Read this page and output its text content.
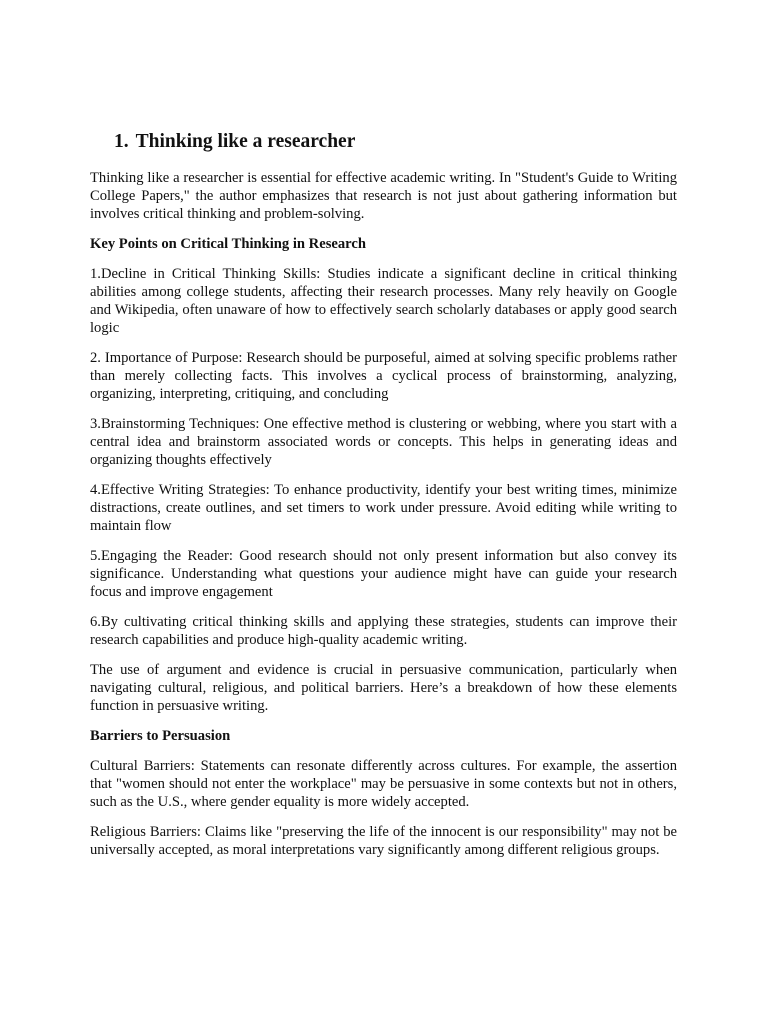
1. Thinking like a researcher

Thinking like a researcher is essential for effective academic writing. In "Student's Guide to Writing College Papers," the author emphasizes that research is not just about gathering information but involves critical thinking and problem-solving.

Key Points on Critical Thinking in Research

1.Decline in Critical Thinking Skills: Studies indicate a significant decline in critical thinking abilities among college students, affecting their research processes. Many rely heavily on Google and Wikipedia, often unaware of how to effectively search scholarly databases or apply good search logic

2. Importance of Purpose: Research should be purposeful, aimed at solving specific problems rather than merely collecting facts. This involves a cyclical process of brainstorming, analyzing, organizing, interpreting, critiquing, and concluding

3.Brainstorming Techniques: One effective method is clustering or webbing, where you start with a central idea and brainstorm associated words or concepts. This helps in generating ideas and organizing thoughts effectively

4.Effective Writing Strategies: To enhance productivity, identify your best writing times, minimize distractions, create outlines, and set timers to work under pressure. Avoid editing while writing to maintain flow

5.Engaging the Reader: Good research should not only present information but also convey its significance. Understanding what questions your audience might have can guide your research focus and improve engagement

6.By cultivating critical thinking skills and applying these strategies, students can improve their research capabilities and produce high-quality academic writing.

The use of argument and evidence is crucial in persuasive communication, particularly when navigating cultural, religious, and political barriers. Here’s a breakdown of how these elements function in persuasive writing.

Barriers to Persuasion

Cultural Barriers: Statements can resonate differently across cultures. For example, the assertion that "women should not enter the workplace" may be persuasive in some contexts but not in others, such as the U.S., where gender equality is more widely accepted.

Religious Barriers: Claims like "preserving the life of the innocent is our responsibility" may not be universally accepted, as moral interpretations vary significantly among different religious groups.
